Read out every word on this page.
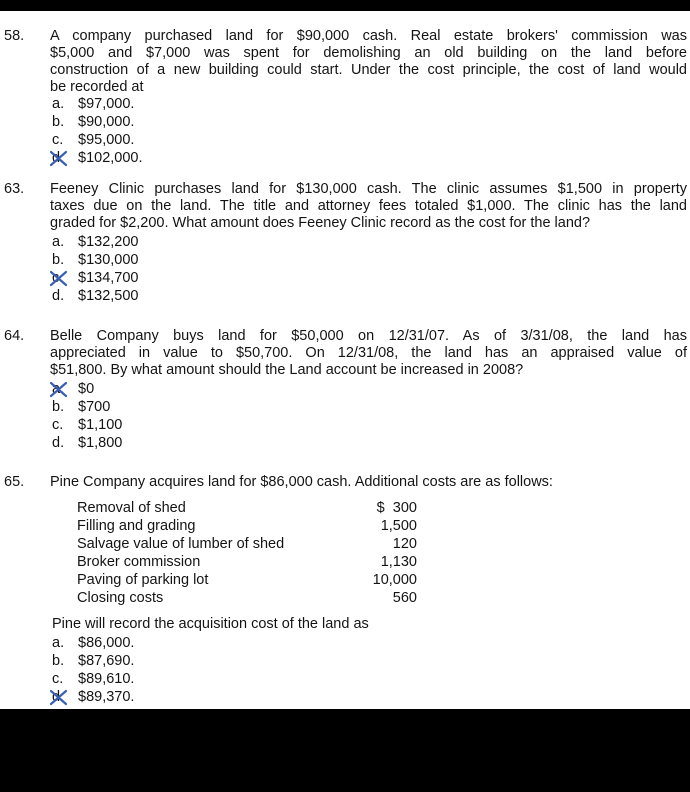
58. A company purchased land for $90,000 cash. Real estate brokers' commission was
$5,000 and $7,000 was spent for demolishing an old building on the land before
construction of a new building could start. Under the cost principle, the cost of land would
be recorded at
a. $97,000.
b. $90,000.
c. $95,000.
d. $102,000.
63. Feeney Clinic purchases land for $130,000 cash. The clinic assumes $1,500 in property
taxes due on the land. The title and attorney fees totaled $1,000. The clinic has the land
graded for $2,200. What amount does Feeney Clinic record as the cost for the land?
a. $132,200
b. $130,000
c. $134,700
d. $132,500
64. Belle Company buys land for $50,000 on 12/31/07. As of 3/31/08, the land has
appreciated in value to $50,700. On 12/31/08, the land has an appraised value of
$51,800. By what amount should the Land account be increased in 2008?
a. $0
b. $700
c. $1,100
d. $1,800
65. Pine Company acquires land for $86,000 cash. Additional costs are as follows:
Removal of shed	$  300
Filling and grading	1,500
Salvage value of lumber of shed	120
Broker commission	1,130
Paving of parking lot	10,000
Closing costs	560
Pine will record the acquisition cost of the land as
a. $86,000.
b. $87,690.
c. $89,610.
d. $89,370.
